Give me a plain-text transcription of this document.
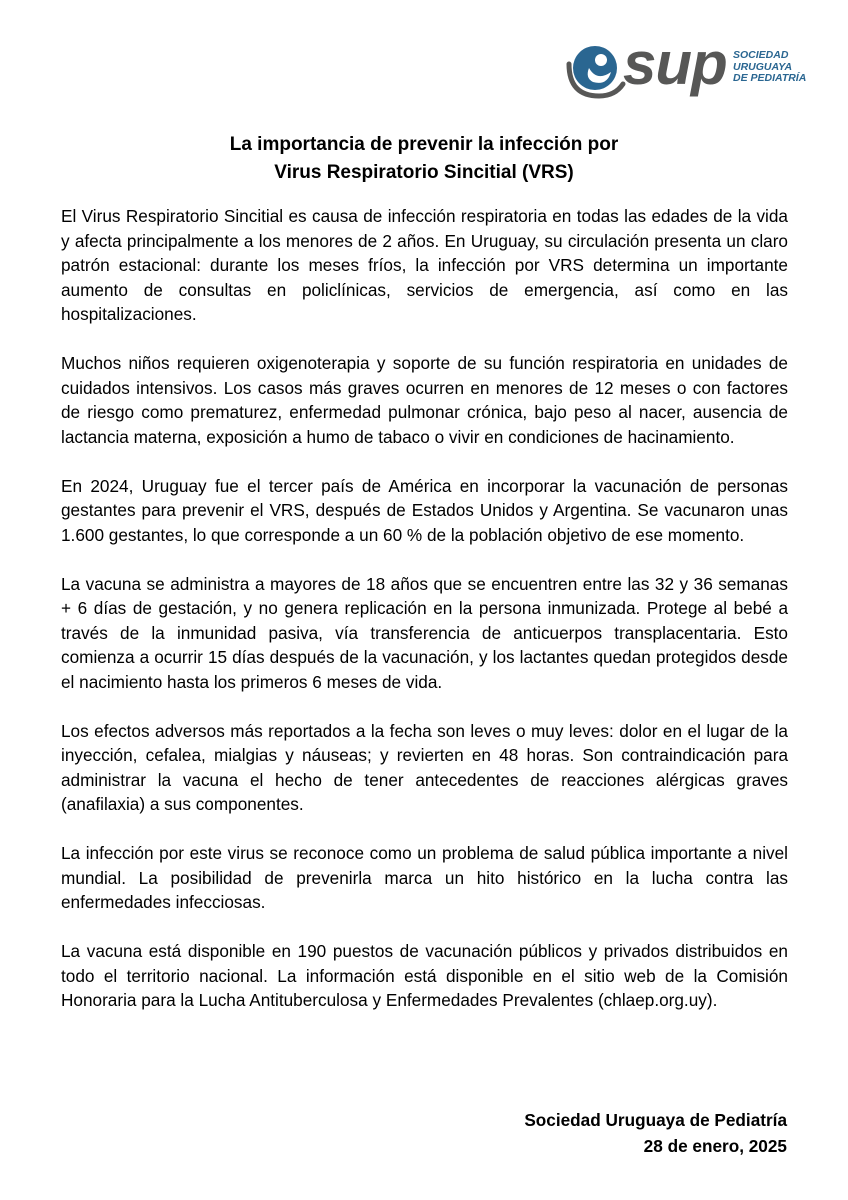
sup SOCIEDAD
URUGUAYA
DE PEDIATRÍA
La importancia de prevenir la infección por
Virus Respiratorio Sincitial (VRS)

El Virus Respiratorio Sincitial es causa de infección respiratoria en todas las edades de la vida y afecta principalmente a los menores de 2 años. En Uruguay, su circulación presenta un claro patrón estacional: durante los meses fríos, la infección por VRS determina un importante aumento de consultas en policlínicas, servicios de emergencia, así como en las hospitalizaciones.

Muchos niños requieren oxigenoterapia y soporte de su función respiratoria en unidades de cuidados intensivos. Los casos más graves ocurren en menores de 12 meses o con factores de riesgo como prematurez, enfermedad pulmonar crónica, bajo peso al nacer, ausencia de lactancia materna, exposición a humo de tabaco o vivir en condiciones de hacinamiento.

En 2024, Uruguay fue el tercer país de América en incorporar la vacunación de personas gestantes para prevenir el VRS, después de Estados Unidos y Argentina. Se vacunaron unas 1.600 gestantes, lo que corresponde a un 60 % de la población objetivo de ese momento.

La vacuna se administra a mayores de 18 años que se encuentren entre las 32 y 36 semanas + 6 días de gestación, y no genera replicación en la persona inmunizada. Protege al bebé a través de la inmunidad pasiva, vía transferencia de anticuerpos transplacentaria. Esto comienza a ocurrir 15 días después de la vacunación, y los lactantes quedan protegidos desde el nacimiento hasta los primeros 6 meses de vida.

Los efectos adversos más reportados a la fecha son leves o muy leves: dolor en el lugar de la inyección, cefalea, mialgias y náuseas; y revierten en 48 horas. Son contraindicación para administrar la vacuna el hecho de tener antecedentes de reacciones alérgicas graves (anafilaxia) a sus componentes.

La infección por este virus se reconoce como un problema de salud pública importante a nivel mundial. La posibilidad de prevenirla marca un hito histórico en la lucha contra las enfermedades infecciosas.

La vacuna está disponible en 190 puestos de vacunación públicos y privados distribuidos en todo el territorio nacional. La información está disponible en el sitio web de la Comisión Honoraria para la Lucha Antituberculosa y Enfermedades Prevalentes (chlaep.org.uy).

Sociedad Uruguaya de Pediatría
28 de enero, 2025
